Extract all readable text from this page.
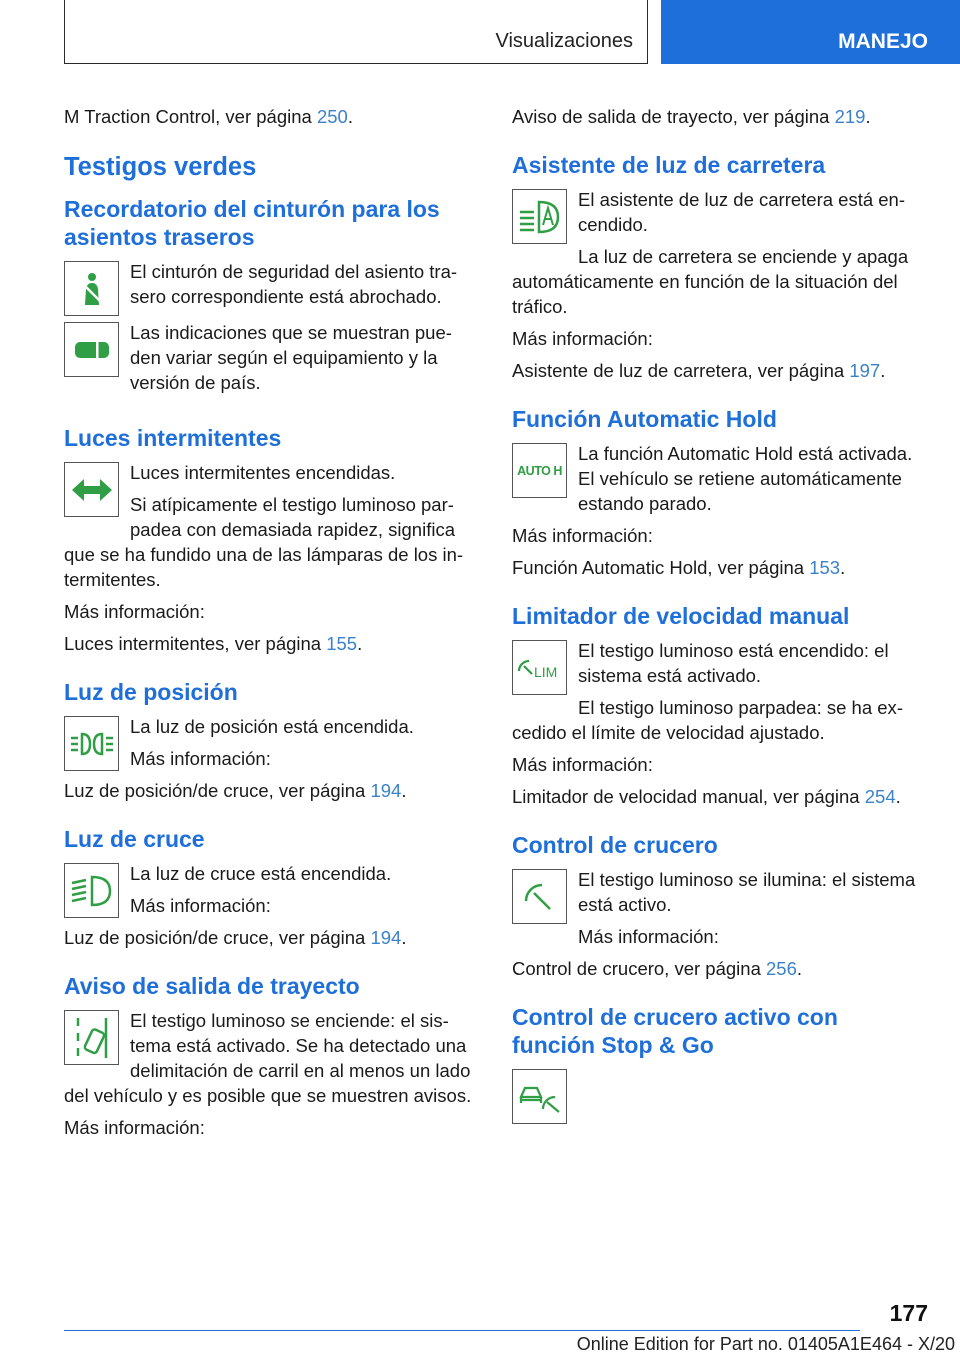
Visualizaciones	MANEJO

M Traction Control, ver página 250.

Testigos verdes
Recordatorio del cinturón para los asientos traseros

El cinturón de seguridad del asiento trasero correspondiente está abrochado.

Las indicaciones que se muestran pueden variar según el equipamiento y la versión de país.

Luces intermitentes

Luces intermitentes encendidas.

Si atípicamente el testigo luminoso parpadea con demasiada rapidez, significa que se ha fundido una de las lámparas de los intermitentes.

Más información:

Luces intermitentes, ver página 155.

Luz de posición

La luz de posición está encendida.

Más información:

Luz de posición/de cruce, ver página 194.

Luz de cruce

La luz de cruce está encendida.

Más información:

Luz de posición/de cruce, ver página 194.

Aviso de salida de trayecto

El testigo luminoso se enciende: el sistema está activado. Se ha detectado una delimitación de carril en al menos un lado del vehículo y es posible que se muestren avisos.

Más información:

Aviso de salida de trayecto, ver página 219.

Asistente de luz de carretera

El asistente de luz de carretera está encendido.

La luz de carretera se enciende y apaga automáticamente en función de la situación del tráfico.

Más información:

Asistente de luz de carretera, ver página 197.

Función Automatic Hold
AUTO H

La función Automatic Hold está activada. El vehículo se retiene automáticamente estando parado.

Más información:

Función Automatic Hold, ver página 153.

Limitador de velocidad manual
LIM

El testigo luminoso está encendido: el sistema está activado.

El testigo luminoso parpadea: se ha excedido el límite de velocidad ajustado.

Más información:

Limitador de velocidad manual, ver página 254.

Control de crucero

El testigo luminoso se ilumina: el sistema está activo.

Más información:

Control de crucero, ver página 256.

Control de crucero activo con función Stop & Go
177
Online Edition for Part no. 01405A1E464 - X/20
